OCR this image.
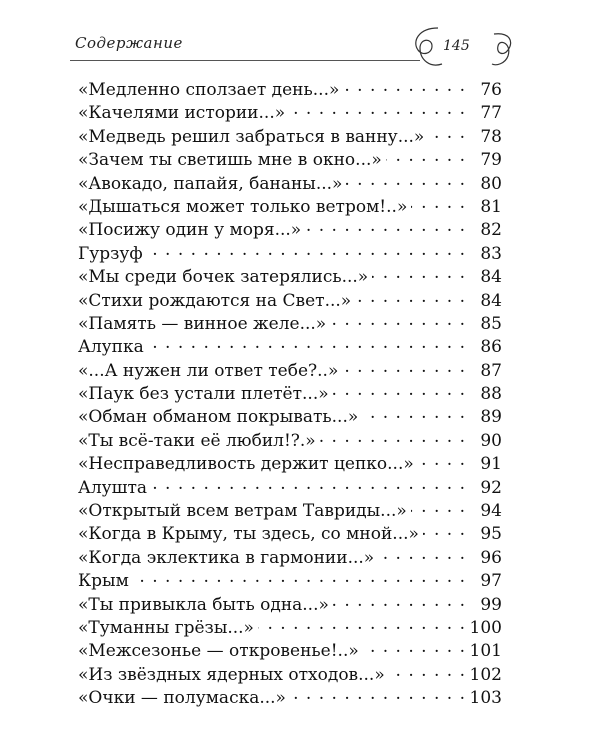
Содержание	145
«Медленно сползает день...» . . .	76
«Качелями истории...» . . .	77
«Медведь решил забраться в ванну...» . . .	78
«Зачем ты светишь мне в окно...» . . .	79
«Авокадо, папайя, бананы...» . . .	80
«Дышаться может только ветром!..» . . .	81
«Посижу один у моря...» . . .	82
Гурзуф . . .	83
«Мы среди бочек затерялись...» . . .	84
«Стихи рождаются на Свет...» . . .	84
«Память — винное желе...» . . .	85
Алупка . . .	86
«...А нужен ли ответ тебе?..» . . .	87
«Паук без устали плетёт...» . . .	88
«Обман обманом покрывать...» . . .	89
«Ты всё-таки её любил!?.» . . .	90
«Несправедливость держит цепко...» . . .	91
Алушта . . .	92
«Открытый всем ветрам Тавриды...» . . .	94
«Когда в Крыму, ты здесь, со мной...» . . .	95
«Когда эклектика в гармонии...» . . .	96
Крым . . .	97
«Ты привыкла быть одна...» . . .	99
«Туманны грёзы...» . . .	100
«Межсезонье — откровенье!..» . . .	101
«Из звёздных ядерных отходов...» . . .	102
«Очки — полумаска...» . . .	103
